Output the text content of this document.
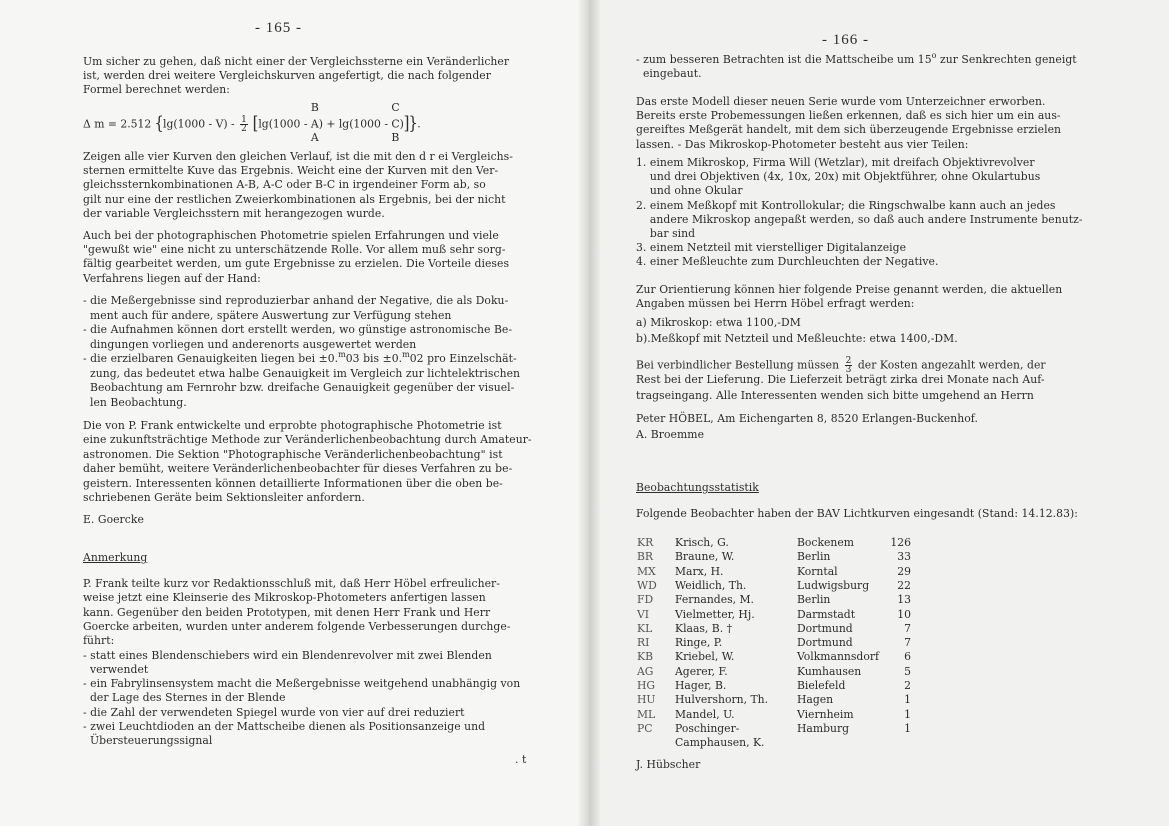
- 165 -
B
A
C
B
Δ m = 2.512 $\{\lg(1000 - V) - \frac{1}{2} [\lg(1000 - A) + \lg(1000 - C)]\}$.
Um sicher zu gehen, daß nicht einer der Vergleichssterne ein Veränderlicher
ist, werden drei weitere Vergleichskurven angefertigt, die nach folgender
Formel berechnet werden:
Zeigen alle vier Kurven den gleichen Verlauf, ist die mit den d r ei Vergleichs-
sternen ermittelte Kuve das Ergebnis. Weicht eine der Kurven mit den Ver-
gleichssternkombinationen A-B, A-C oder B-C in irgendeiner Form ab, so
gilt nur eine der restlichen Zweierkombinationen als Ergebnis, bei der nicht
der variable Vergleichsstern mit herangezogen wurde.
Auch bei der photographischen Photometrie spielen Erfahrungen und viele
"gewußt wie" eine nicht zu unterschätzende Rolle. Vor allem muß sehr sorg-
fältig gearbeitet werden, um gute Ergebnisse zu erzielen. Die Vorteile dieses
Verfahrens liegen auf der Hand:
- die Meßergebnisse sind reproduzierbar anhand der Negative, die als Doku-
ment auch für andere, spätere Auswertung zur Verfügung stehen
- die Aufnahmen können dort erstellt werden, wo günstige astronomische Be-
dingungen vorliegen und anderenorts ausgewertet werden
- die erzielbaren Genauigkeiten liegen bei ±0.$^m$03 bis ±0.$^m$02 pro Einzelschät-
zung, das bedeutet etwa halbe Genauigkeit im Vergleich zur lichtelektrischen
Beobachtung am Fernrohr bzw. dreifache Genauigkeit gegenüber der visuel-
len Beobachtung.
Die von P. Frank entwickelte und erprobte photographische Photometrie ist
eine zukunftsträchtige Methode zur Veränderlichenbeobachtung durch Amateur-
astronomen. Die Sektion "Photographische Veränderlichenbeobachtung" ist
daher bemüht, weitere Veränderlichenbeobachter für dieses Verfahren zu be-
geistern. Interessenten können detaillierte Informationen über die oben be-
schriebenen Geräte beim Sektionsleiter anfordern.
E. Goercke
Anmerkung
P. Frank teilte kurz vor Redaktionsschluß mit, daß Herr Höbel erfreulicher-
weise jetzt eine Kleinserie des Mikroskop-Photometers anfertigen lassen
kann. Gegenüber den beiden Prototypen, mit denen Herr Frank und Herr
Goercke arbeiten, wurden unter anderem folgende Verbesserungen durchge-
führt:
- statt eines Blendenschiebers wird ein Blendenrevolver mit zwei Blenden
verwendet
- ein Fabrylinsensystem macht die Meßergebnisse weitgehend unabhängig von
der Lage des Sternes in der Blende
- die Zahl der verwendeten Spiegel wurde von vier auf drei reduziert
- zwei Leuchtdioden an der Mattscheibe dienen als Positionsanzeige und
Übersteuerungssignal
. t
- 166 -
- zum besseren Betrachten ist die Mattscheibe um 15$^o$ zur Senkrechten geneigt
eingebaut.
Das erste Modell dieser neuen Serie wurde vom Unterzeichner erworben.
Bereits erste Probemessungen ließen erkennen, daß es sich hier um ein aus-
gereiftes Meßgerät handelt, mit dem sich überzeugende Ergebnisse erzielen
lassen. - Das Mikroskop-Photometer besteht aus vier Teilen:
1. einem Mikroskop, Firma Will (Wetzlar), mit dreifach Objektivrevolver
und drei Objektiven (4x, 10x, 20x) mit Objektführer, ohne Okulartubus
und ohne Okular
2. einem Meßkopf mit Kontrollokular; die Ringschwalbe kann auch an jedes
andere Mikroskop angepaßt werden, so daß auch andere Instrumente benutz-
bar sind
3. einem Netzteil mit vierstelliger Digitalanzeige
4. einer Meßleuchte zum Durchleuchten der Negative.
Zur Orientierung können hier folgende Preise genannt werden, die aktuellen
Angaben müssen bei Herrn Höbel erfragt werden:
a) Mikroskop: etwa 1100,-DM
b).Meßkopf mit Netzteil und Meßleuchte: etwa 1400,-DM.
Bei verbindlicher Bestellung müssen $\frac{2}{3}$ der Kosten angezahlt werden, der
Rest bei der Lieferung. Die Lieferzeit beträgt zirka drei Monate nach Auf-
tragseingang. Alle Interessenten wenden sich bitte umgehend an Herrn
Peter HÖBEL, Am Eichengarten 8, 8520 Erlangen-Buckenhof.
A. Broemme
Beobachtungsstatistik
Folgende Beobachter haben der BAV Lichtkurven eingesandt (Stand: 14.12.83):
J. Hübscher
KR Krisch, G.	Bockenem	126
BR Braune, W.	Berlin	33
MX Marx, H.	Korntal	29
WD Weidlich, Th.	Ludwigsburg	22
FD Fernandes, M.	Berlin	13
VI Vielmetter, Hj.	Darmstadt	10
KL Klaas, B. †	Dortmund	7
RI Ringe, P.	Dortmund	7
KB Kriebel, W.	Volkmannsdorf 6
AG Agerer, F.	Kumhausen	5
HG Hager, B.	Bielefeld	2
HU Hulvershorn, Th.	Hagen	1
ML Mandel, U.	Viernheim	1
PC Poschinger-	Hamburg	1
Camphausen, K.
